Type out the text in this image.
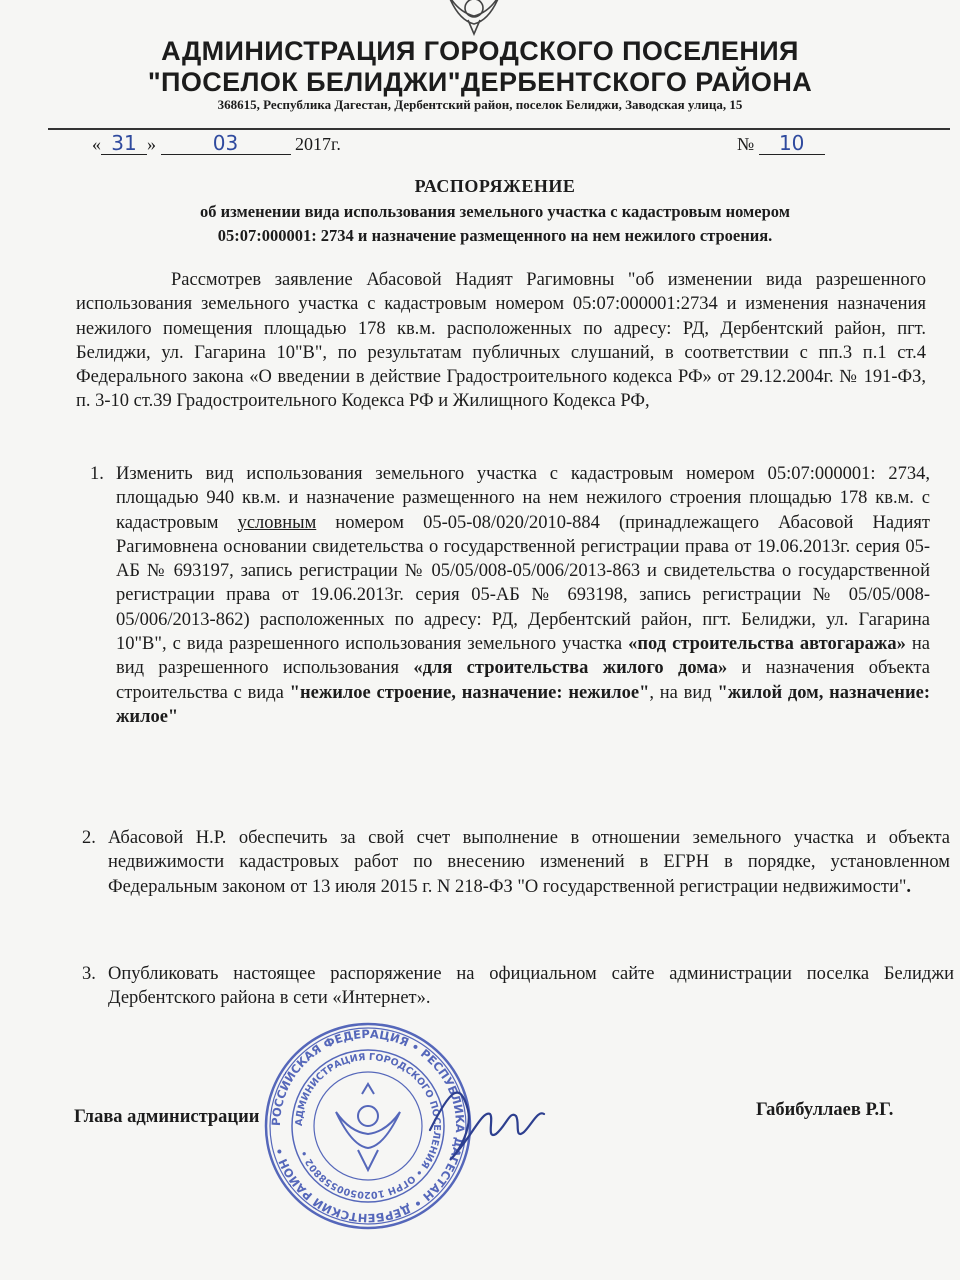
АДМИНИСТРАЦИЯ ГОРОДСКОГО ПОСЕЛЕНИЯ
"ПОСЕЛОК БЕЛИДЖИ"ДЕРБЕНТСКОГО РАЙОНА
368615, Республика Дагестан, Дербентский район, поселок Белиджи, Заводская улица, 15
« 31 »	03	2017г.	№ 10
РАСПОРЯЖЕНИЕ
об изменении вида использования земельного участка с кадастровым номером
05:07:000001: 2734 и назначение размещенного на нем нежилого строения.
Рассмотрев заявление Абасовой Надият Рагимовны "об изменении вида разрешенного использования земельного участка с кадастровым номером 05:07:000001:2734 и изменения назначения нежилого помещения площадью 178 кв.м. расположенных по адресу: РД, Дербентский район, пгт. Белиджи, ул. Гагарина 10"В", по результатам публичных слушаний, в соответствии с пп.3 п.1 ст.4 Федерального закона «О введении в действие Градостроительного кодекса РФ» от 29.12.2004г. № 191-ФЗ, п. 3-10 ст.39 Градостроительного Кодекса РФ и Жилищного Кодекса РФ,
1. Изменить вид использования земельного участка с кадастровым номером 05:07:000001: 2734, площадью 940 кв.м. и назначение размещенного на нем нежилого строения площадью 178 кв.м. с кадастровым условным номером 05-05-08/020/2010-884 (принадлежащего Абасовой Надият Рагимовнена основании свидетельства о государственной регистрации права от 19.06.2013г. серия 05-АБ № 693197, запись регистрации № 05/05/008-05/006/2013-863 и свидетельства о государственной регистрации права от 19.06.2013г. серия 05-АБ № 693198, запись регистрации № 05/05/008-05/006/2013-862) расположенных по адресу: РД, Дербентский район, пгт. Белиджи, ул. Гагарина 10"В", с вида разрешенного использования земельного участка «под строительства автогаража» на вид разрешенного использования «для строительства жилого дома» и назначения объекта строительства с вида "нежилое строение, назначение: нежилое", на вид "жилой дом, назначение: жилое"
2. Абасовой Н.Р. обеспечить за свой счет выполнение в отношении земельного участка и объекта недвижимости кадастровых работ по внесению изменений в ЕГРН в порядке, установленном Федеральным законом от 13 июля 2015 г. N 218-ФЗ "О государственной регистрации недвижимости".
3. Опубликовать настоящее распоряжение на официальном сайте администрации поселка Белиджи Дербентского района в сети «Интернет».
Глава администрации	Габибуллаев Р.Г.
РОССИЙСКАЯ ФЕДЕРАЦИЯ • РЕСПУБЛИКА ДАГЕСТАН • ДЕРБЕНТСКИЙ РАЙОН •
АДМИНИСТРАЦИЯ ГОРОДСКОГО ПОСЕЛЕНИЯ • ОГРН 1020500558802 •
